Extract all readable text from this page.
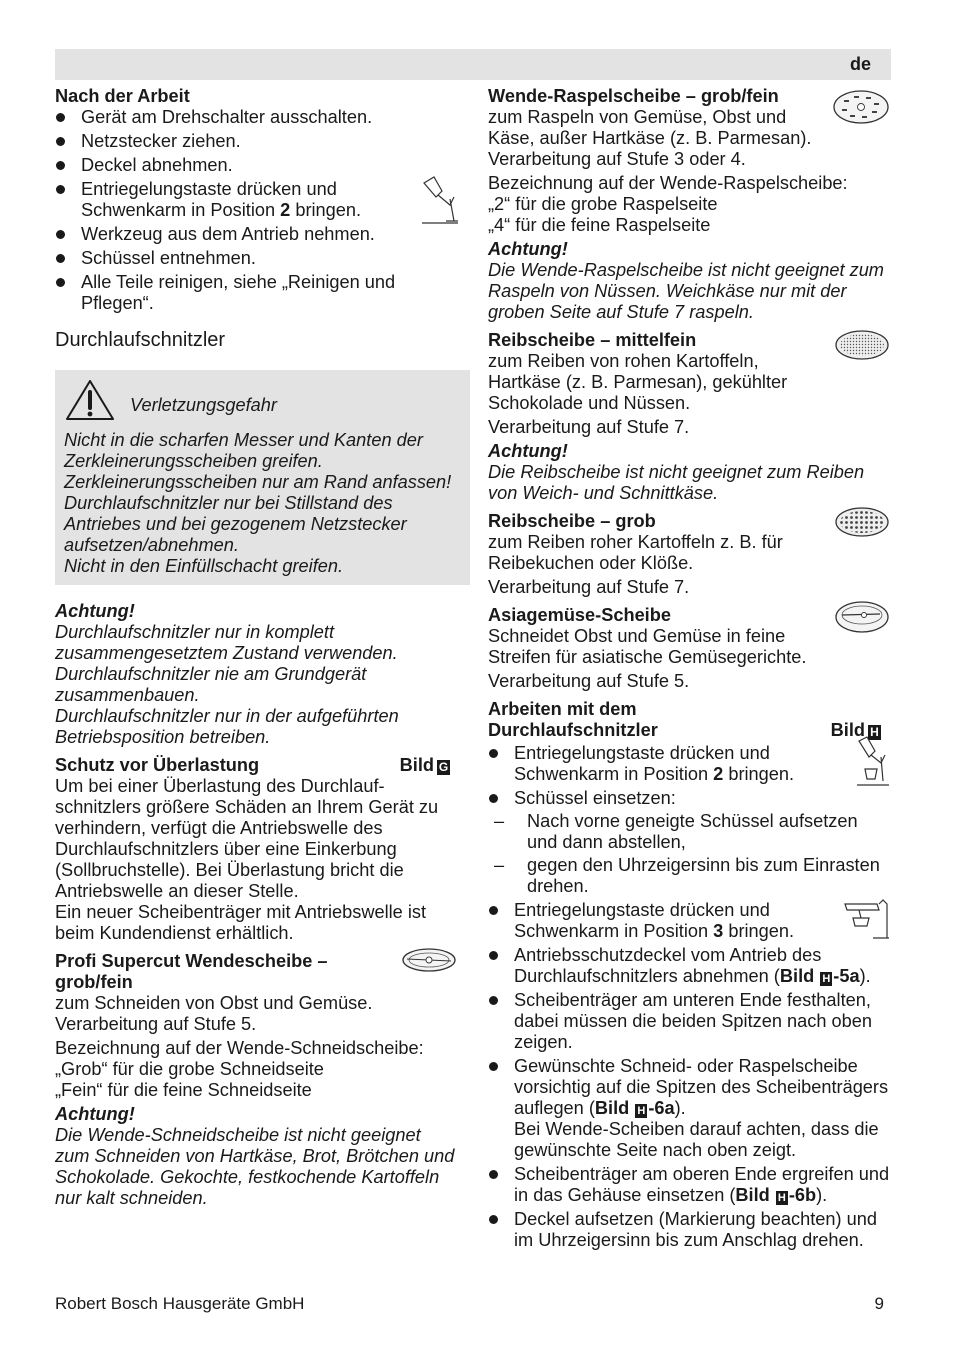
de

Nach der Arbeit

Gerät am Drehschalter ausschalten.
Netzstecker ziehen.
Deckel abnehmen.
Entriegelungstaste drücken und Schwenkarm in Position 2 bringen.
Werkzeug aus dem Antrieb nehmen.
Schüssel entnehmen.
Alle Teile reinigen, siehe „Reinigen und Pflegen“.

Durchlaufschnitzler

Verletzungsgefahr

Nicht in die scharfen Messer und Kanten der Zerkleinerungsscheiben greifen.

Zerkleinerungsscheiben nur am Rand anfassen!

Durchlaufschnitzler nur bei Stillstand des Antriebes und bei gezogenem Netzstecker aufsetzen/abnehmen.

Nicht in den Einfüllschacht greifen.

Achtung!

Durchlaufschnitzler nur in komplett zusammengesetztem Zustand verwenden.

Durchlaufschnitzler nie am Grundgerät zusammenbauen.

Durchlaufschnitzler nur in der aufgeführten Betriebsposition betreiben.

Schutz vor Überlastung	Bild G

Um bei einer Überlastung des Durchlaufschnitzlers größere Schäden an Ihrem Gerät zu verhindern, verfügt die Antriebswelle des Durchlaufschnitzlers über eine Einkerbung (Sollbruchstelle). Bei Überlastung bricht die Antriebswelle an dieser Stelle.

Ein neuer Scheibenträger mit Antriebswelle ist beim Kundendienst erhältlich.

Profi Supercut Wendescheibe – grob/fein

zum Schneiden von Obst und Gemüse.

Verarbeitung auf Stufe 5.

Bezeichnung auf der Wende-Schneidscheibe:

„Grob“ für die grobe Schneidseite

„Fein“ für die feine Schneidseite

Achtung!

Die Wende-Schneidscheibe ist nicht geeignet zum Schneiden von Hartkäse, Brot, Brötchen und Schokolade. Gekochte, festkochende Kartoffeln nur kalt schneiden.

Wende-Raspelscheibe – grob/fein

zum Raspeln von Gemüse, Obst und Käse, außer Hartkäse (z. B. Parmesan).

Verarbeitung auf Stufe 3 oder 4.

Bezeichnung auf der Wende-Raspelscheibe:

„2“ für die grobe Raspelseite

„4“ für die feine Raspelseite

Achtung!

Die Wende-Raspelscheibe ist nicht geeignet zum Raspeln von Nüssen. Weichkäse nur mit der groben Seite auf Stufe 7 raspeln.

Reibscheibe – mittelfein

zum Reiben von rohen Kartoffeln, Hartkäse (z. B. Parmesan), gekühlter Schokolade und Nüssen.

Verarbeitung auf Stufe 7.

Achtung!

Die Reibscheibe ist nicht geeignet zum Reiben von Weich- und Schnittkäse.

Reibscheibe – grob

zum Reiben roher Kartoffeln z. B. für Reibekuchen oder Klöße.

Verarbeitung auf Stufe 7.

Asiagemüse-Scheibe

Schneidet Obst und Gemüse in feine Streifen für asiatische Gemüsegerichte.

Verarbeitung auf Stufe 5.

Arbeiten mit dem

Durchlaufschnitzler	Bild H
Entriegelungstaste drücken und Schwenkarm in Position 2 bringen.
Schüssel einsetzen:
– Nach vorne geneigte Schüssel aufsetzen und dann abstellen,
– gegen den Uhrzeigersinn bis zum Einrasten drehen.
Entriegelungstaste drücken und Schwenkarm in Position 3 bringen.
Antriebsschutzdeckel vom Antrieb des Durchlaufschnitzlers abnehmen (Bild H -5a).
Scheibenträger am unteren Ende festhalten, dabei müssen die beiden Spitzen nach oben zeigen.
Gewünschte Schneid- oder Raspelscheibe vorsichtig auf die Spitzen des Scheibenträgers auflegen (Bild H -6a).
Bei Wende-Scheiben darauf achten, dass die gewünschte Seite nach oben zeigt.
Scheibenträger am oberen Ende ergreifen und in das Gehäuse einsetzen (Bild H -6b).
Deckel aufsetzen (Markierung beachten) und im Uhrzeigersinn bis zum Anschlag drehen.
Robert Bosch Hausgeräte GmbH	9
